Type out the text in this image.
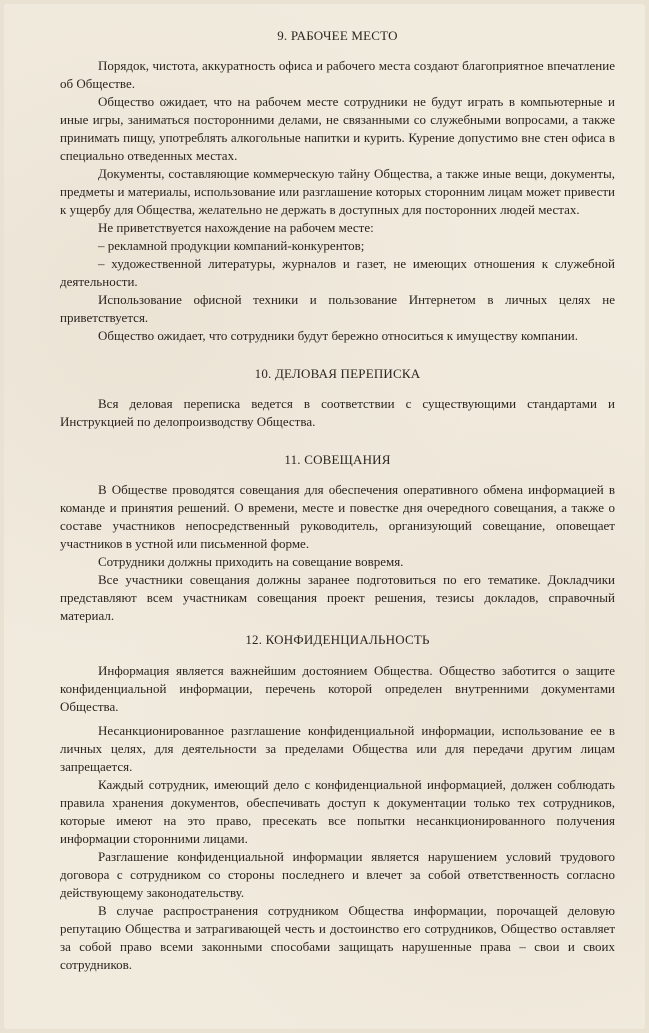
9. РАБОЧЕЕ МЕСТО

Порядок, чистота, аккуратность офиса и рабочего места создают благоприятное впечатление об Обществе.

Общество ожидает, что на рабочем месте сотрудники не будут играть в компьютерные и иные игры, заниматься посторонними делами, не связанными со служебными вопросами, а также принимать пищу, употреблять алкогольные напитки и курить. Курение допустимо вне стен офиса в специально отведенных местах.

Документы, составляющие коммерческую тайну Общества, а также иные вещи, документы, предметы и материалы, использование или разглашение которых сторонним лицам может привести к ущербу для Общества, желательно не держать в доступных для посторонних людей местах.

Не приветствуется нахождение на рабочем месте:

– рекламной продукции компаний-конкурентов;

– художественной литературы, журналов и газет, не имеющих отношения к служебной деятельности.

Использование офисной техники и пользование Интернетом в личных целях не приветствуется.

Общество ожидает, что сотрудники будут бережно относиться к имуществу компании.

10. ДЕЛОВАЯ ПЕРЕПИСКА

Вся деловая переписка ведется в соответствии с существующими стандартами и Инструкцией по делопроизводству Общества.

11. СОВЕЩАНИЯ

В Обществе проводятся совещания для обеспечения оперативного обмена информацией в команде и принятия решений. О времени, месте и повестке дня очередного совещания, а также о составе участников непосредственный руководитель, организующий совещание, оповещает участников в устной или письменной форме.

Сотрудники должны приходить на совещание вовремя.

Все участники совещания должны заранее подготовиться по его тематике. Докладчики представляют всем участникам совещания проект решения, тезисы докладов, справочный материал.

12. КОНФИДЕНЦИАЛЬНОСТЬ

Информация является важнейшим достоянием Общества. Общество заботится о защите конфиденциальной информации, перечень которой определен внутренними документами Общества.

Несанкционированное разглашение конфиденциальной информации, использование ее в личных целях, для деятельности за пределами Общества или для передачи другим лицам запрещается.

Каждый сотрудник, имеющий дело с конфиденциальной информацией, должен соблюдать правила хранения документов, обеспечивать доступ к документации только тех сотрудников, которые имеют на это право, пресекать все попытки несанкционированного получения информации сторонними лицами.

Разглашение конфиденциальной информации является нарушением условий трудового договора с сотрудником со стороны последнего и влечет за собой ответственность согласно действующему законодательству.

В случае распространения сотрудником Общества информации, порочащей деловую репутацию Общества и затрагивающей честь и достоинство его сотрудников, Общество оставляет за собой право всеми законными способами защищать нарушенные права – свои и своих сотрудников.
